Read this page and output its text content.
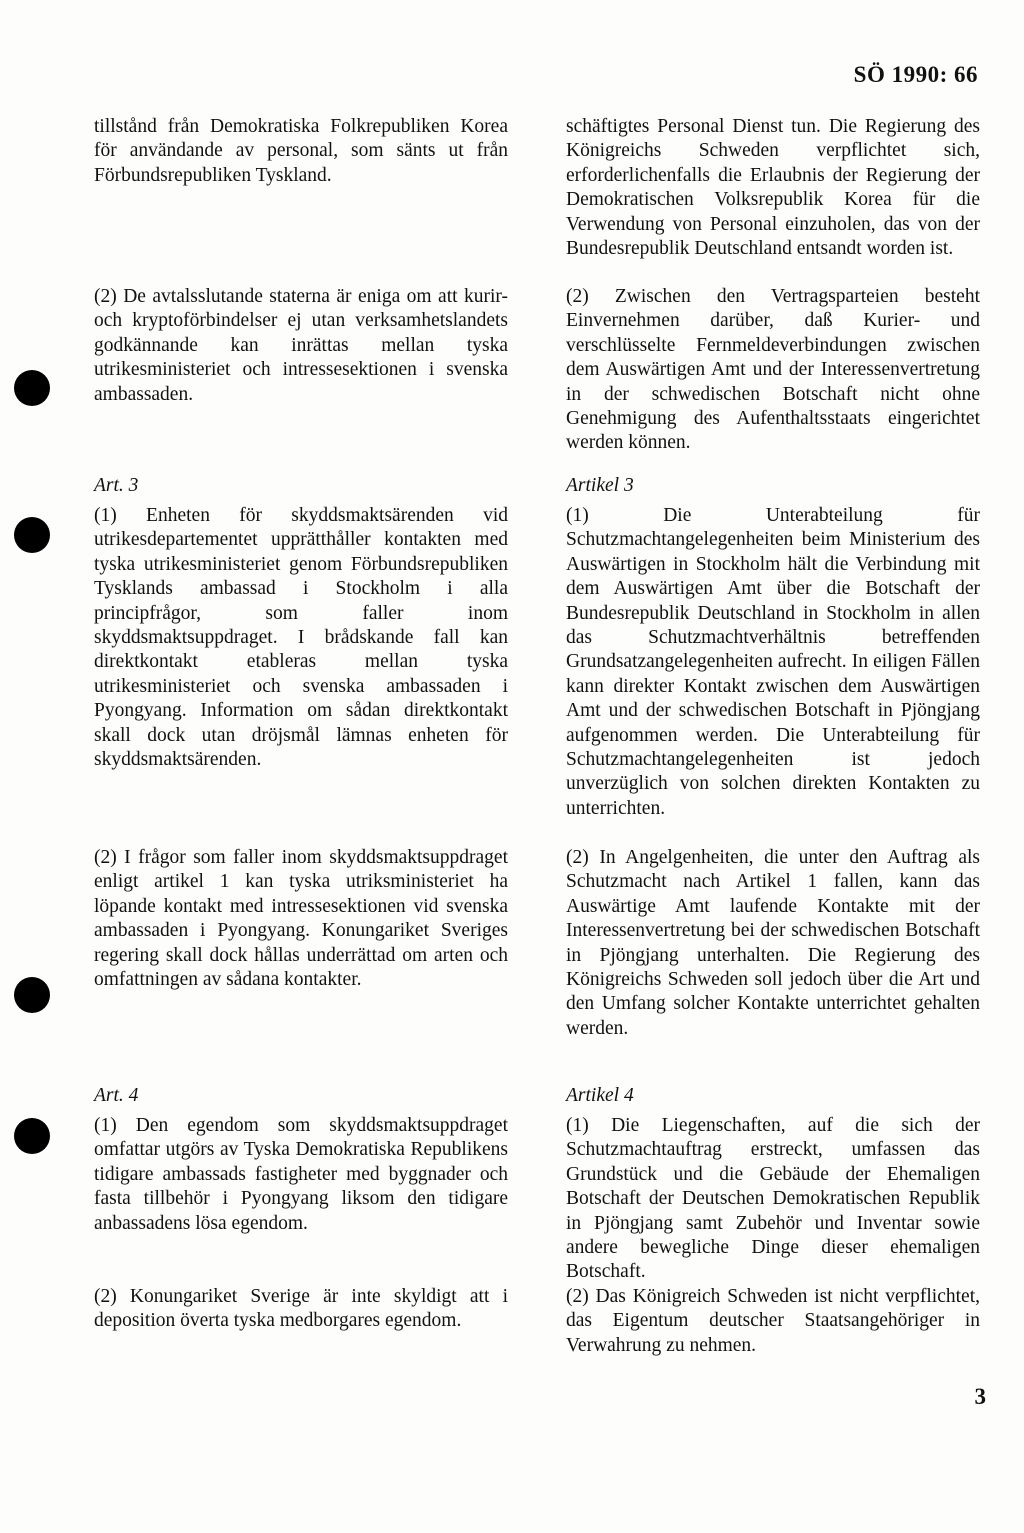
SÖ 1990: 66

tillstånd från Demokratiska Folkrepubliken Korea för användande av personal, som sänts ut från Förbundsrepubliken Tyskland.

(2) De avtalsslutande staterna är eniga om att kurir- och kryptoförbindelser ej utan verksamhetslandets godkännande kan inrättas mellan tyska utrikesministeriet och intressesektionen i svenska ambassaden.

Art. 3

(1) Enheten för skyddsmaktsärenden vid utrikesdepartementet upprätthåller kontakten med tyska utrikesministeriet genom Förbundsrepubliken Tysklands ambassad i Stockholm i alla principfrågor, som faller inom skyddsmaktsuppdraget. I brådskande fall kan direktkontakt etableras mellan tyska utrikesministeriet och svenska ambassaden i Pyongyang. Information om sådan direktkontakt skall dock utan dröjsmål lämnas enheten för skyddsmaktsärenden.

(2) I frågor som faller inom skyddsmaktsuppdraget enligt artikel 1 kan tyska utriksministeriet ha löpande kontakt med intressesektionen vid svenska ambassaden i Pyongyang. Konungariket Sveriges regering skall dock hållas underrättad om arten och omfattningen av sådana kontakter.

Art. 4

(1) Den egendom som skyddsmaktsuppdraget omfattar utgörs av Tyska Demokratiska Republikens tidigare ambassads fastigheter med byggnader och fasta tillbehör i Pyongyang liksom den tidigare anbassadens lösa egendom.

(2) Konungariket Sverige är inte skyldigt att i deposition överta tyska medborgares egendom.

schäftigtes Personal Dienst tun. Die Regierung des Königreichs Schweden verpflichtet sich, erforderlichenfalls die Erlaubnis der Regierung der Demokratischen Volksrepublik Korea für die Verwendung von Personal einzuholen, das von der Bundesrepublik Deutschland entsandt worden ist.

(2) Zwischen den Vertragsparteien besteht Einvernehmen darüber, daß Kurier- und verschlüsselte Fernmeldeverbindungen zwischen dem Auswärtigen Amt und der Interessenvertretung in der schwedischen Botschaft nicht ohne Genehmigung des Aufenthaltsstaats eingerichtet werden können.

Artikel 3

(1) Die Unterabteilung für Schutzmachtangelegenheiten beim Ministerium des Auswärtigen in Stockholm hält die Verbindung mit dem Auswärtigen Amt über die Botschaft der Bundesrepublik Deutschland in Stockholm in allen das Schutzmachtverhältnis betreffenden Grundsatzangelegenheiten aufrecht. In eiligen Fällen kann direkter Kontakt zwischen dem Auswärtigen Amt und der schwedischen Botschaft in Pjöngjang aufgenommen werden. Die Unterabteilung für Schutzmachtangelegenheiten ist jedoch unverzüglich von solchen direkten Kontakten zu unterrichten.

(2) In Angelgenheiten, die unter den Auftrag als Schutzmacht nach Artikel 1 fallen, kann das Auswärtige Amt laufende Kontakte mit der Interessenvertretung bei der schwedischen Botschaft in Pjöngjang unterhalten. Die Regierung des Königreichs Schweden soll jedoch über die Art und den Umfang solcher Kontakte unterrichtet gehalten werden.

Artikel 4

(1) Die Liegenschaften, auf die sich der Schutzmachtauftrag erstreckt, umfassen das Grundstück und die Gebäude der Ehemaligen Botschaft der Deutschen Demokratischen Republik in Pjöngjang samt Zubehör und Inventar sowie andere bewegliche Dinge dieser ehemaligen Botschaft.

(2) Das Königreich Schweden ist nicht verpflichtet, das Eigentum deutscher Staatsangehöriger in Verwahrung zu nehmen.

3
